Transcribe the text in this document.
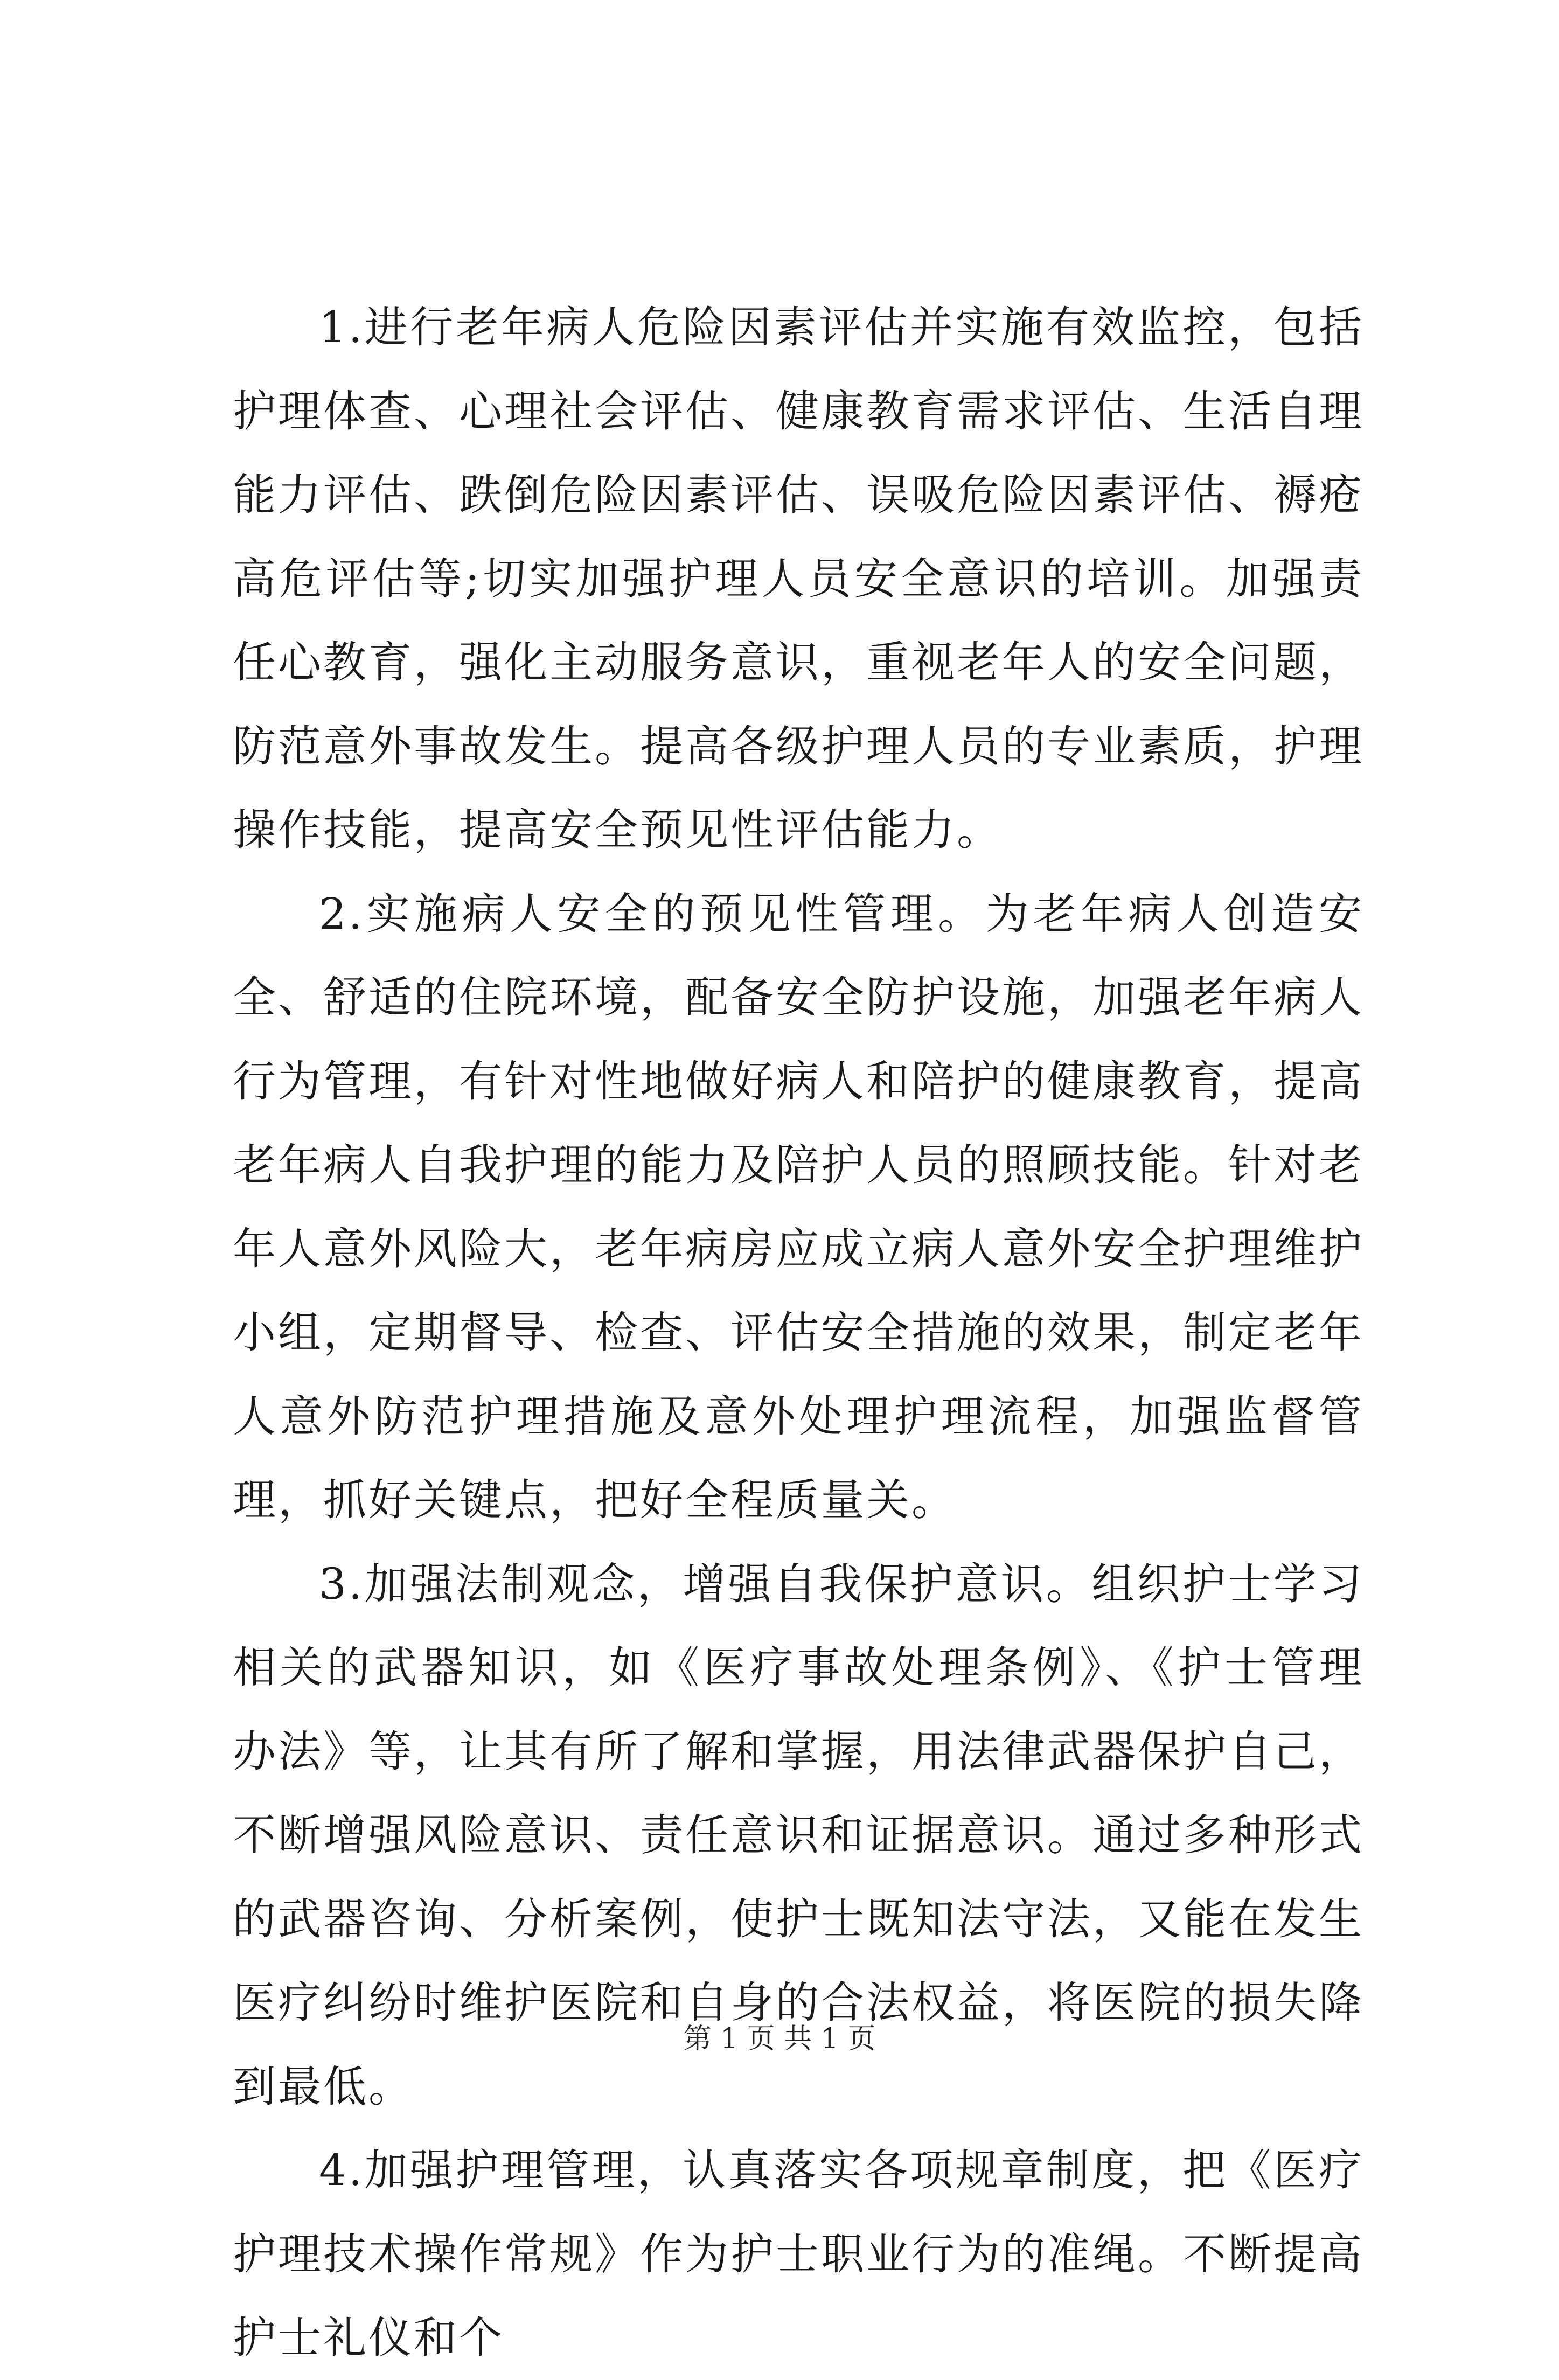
1.进行老年病人危险因素评估并实施有效监控，包括护理体查、心理社会评估、健康教育需求评估、生活自理能力评估、跌倒危险因素评估、误吸危险因素评估、褥疮高危评估等;切实加强护理人员安全意识的培训。加强责任心教育，强化主动服务意识，重视老年人的安全问题，防范意外事故发生。提高各级护理人员的专业素质，护理操作技能，提高安全预见性评估能力。

2.实施病人安全的预见性管理。为老年病人创造安全、舒适的住院环境，配备安全防护设施，加强老年病人行为管理，有针对性地做好病人和陪护的健康教育，提高老年病人自我护理的能力及陪护人员的照顾技能。针对老年人意外风险大，老年病房应成立病人意外安全护理维护小组，定期督导、检查、评估安全措施的效果，制定老年人意外防范护理措施及意外处理护理流程，加强监督管理，抓好关键点，把好全程质量关。

3.加强法制观念，增强自我保护意识。组织护士学习相关的武器知识，如《医疗事故处理条例》、《护士管理办法》等，让其有所了解和掌握，用法律武器保护自己，不断增强风险意识、责任意识和证据意识。通过多种形式的武器咨询、分析案例，使护士既知法守法，又能在发生医疗纠纷时维护医院和自身的合法权益，将医院的损失降到最低。

4.加强护理管理，认真落实各项规章制度，把《医疗护理技术操作常规》作为护士职业行为的准绳。不断提高护士礼仪和个

第 1 页 共 1 页
